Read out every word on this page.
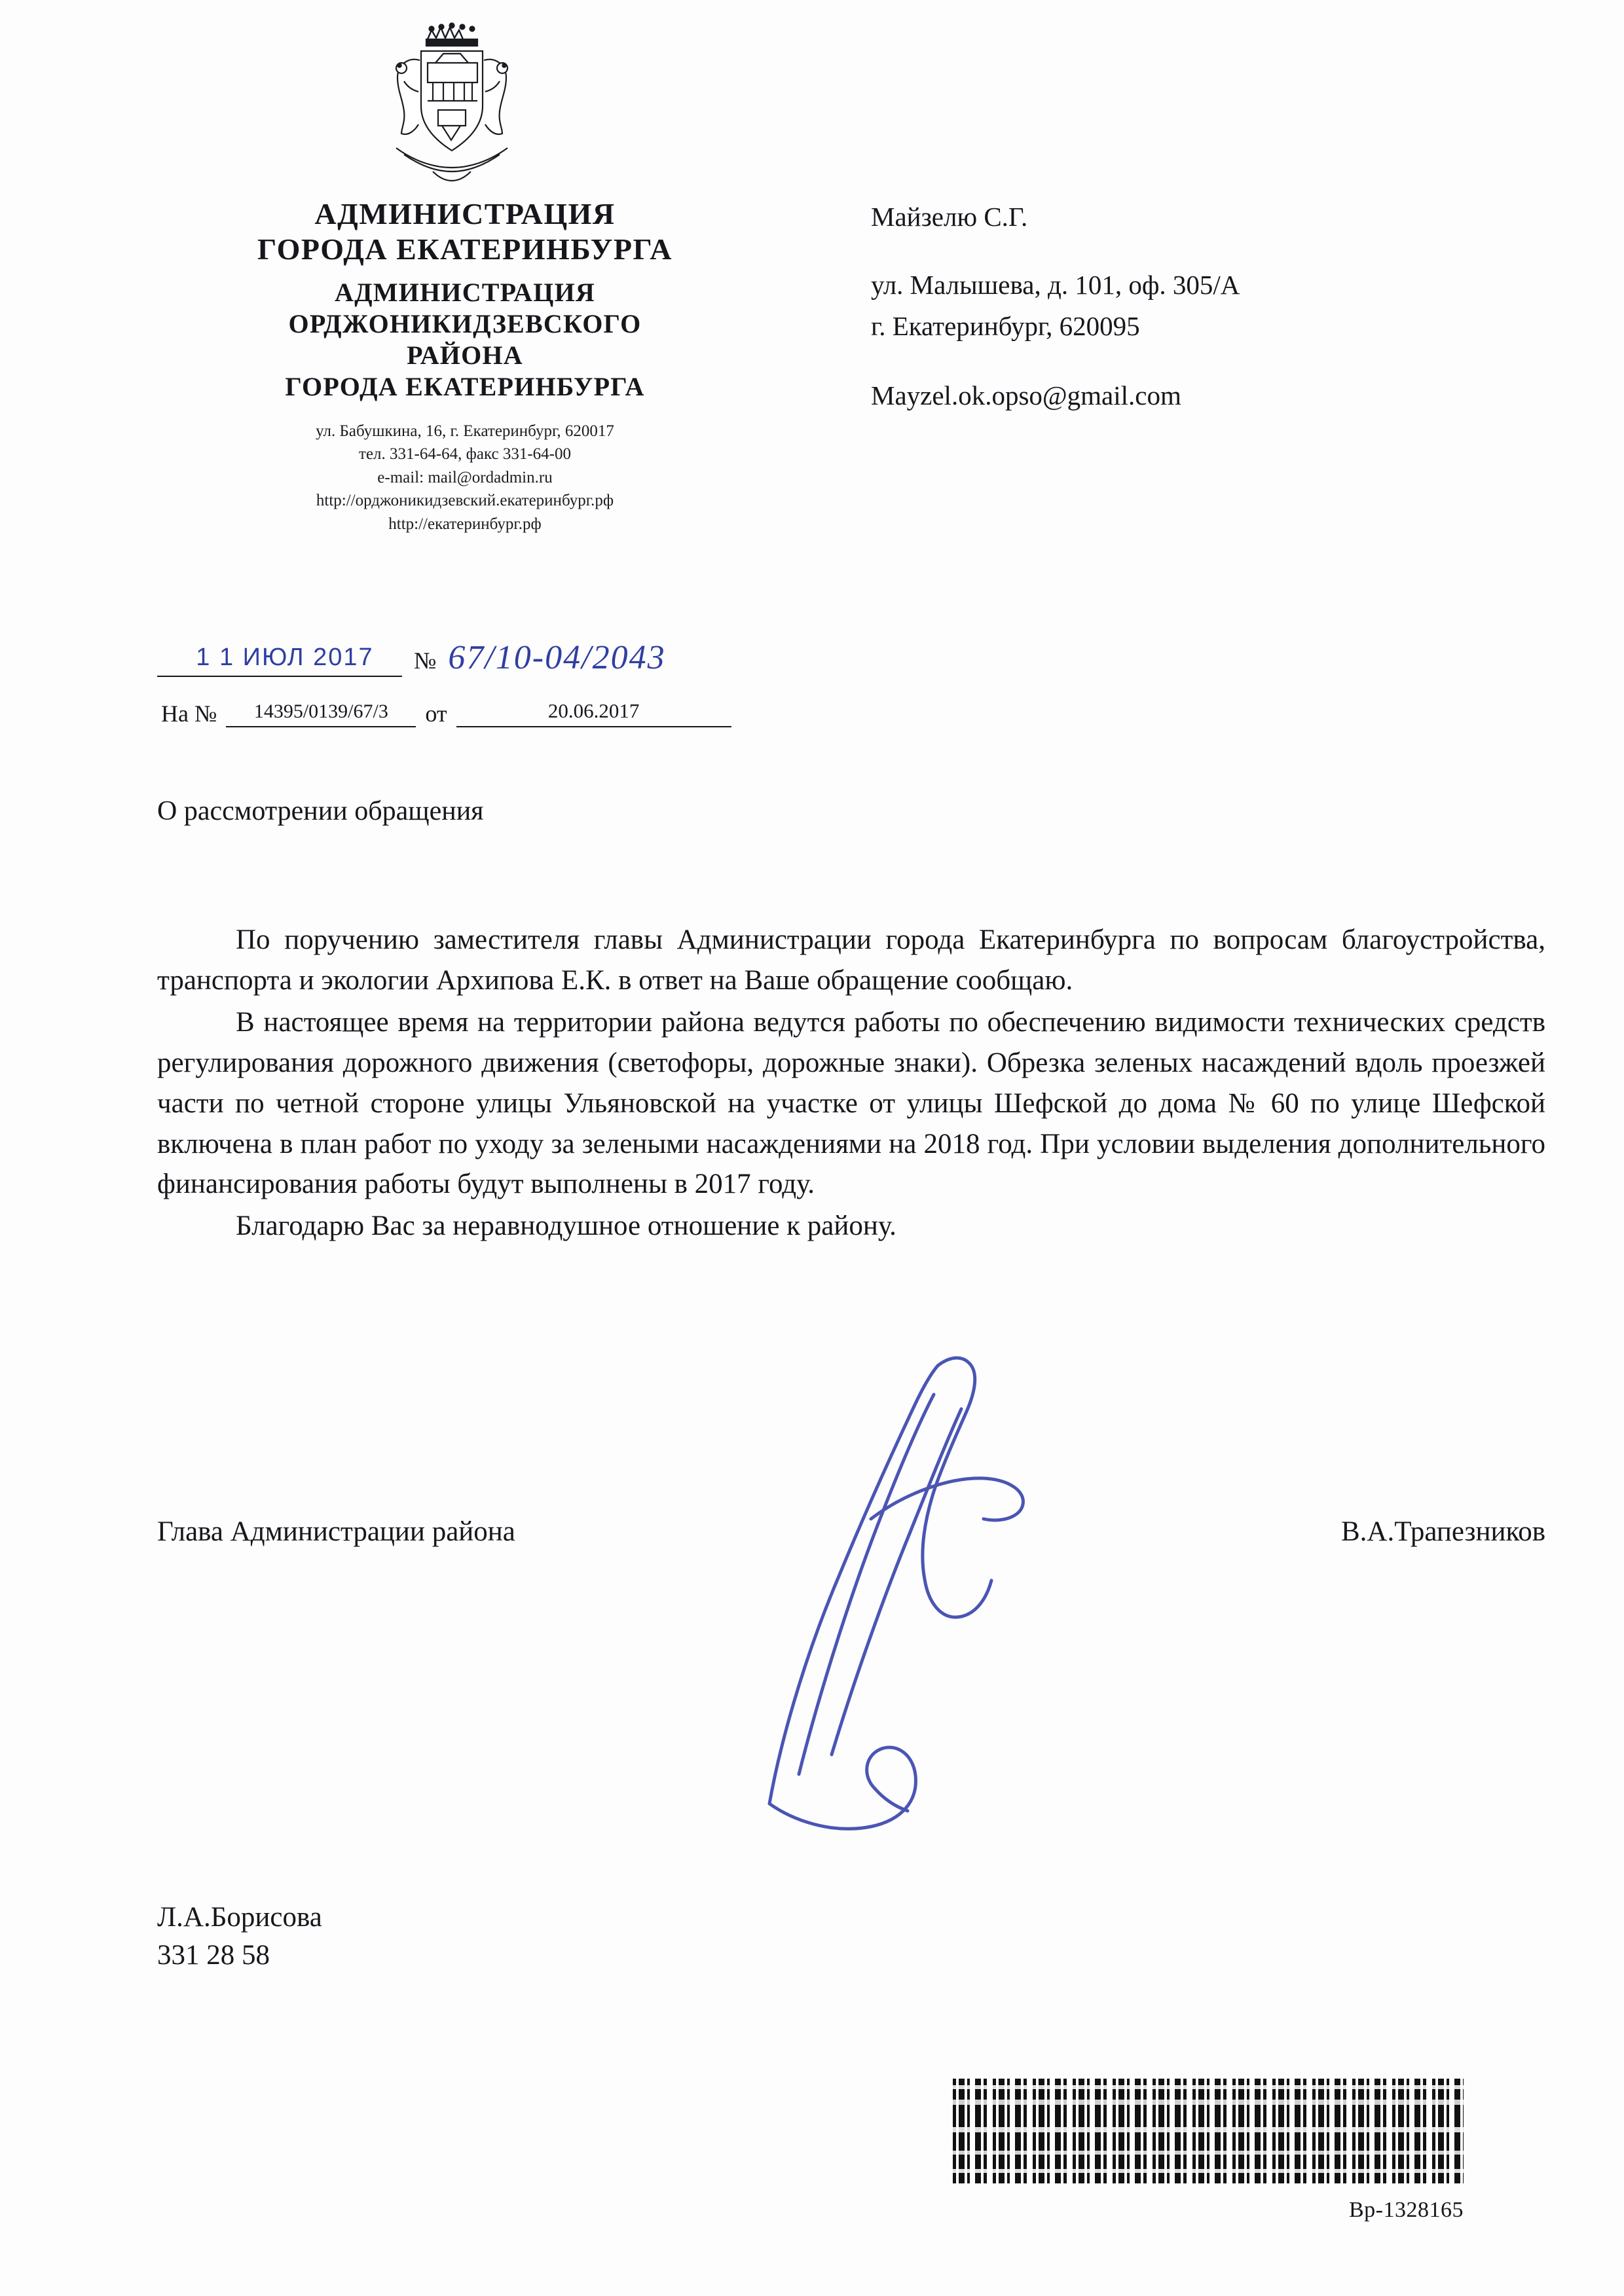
АДМИНИСТРАЦИЯ
ГОРОДА ЕКАТЕРИНБУРГА
АДМИНИСТРАЦИЯ
ОРДЖОНИКИДЗЕВСКОГО
РАЙОНА
ГОРОДА ЕКАТЕРИНБУРГА
ул. Бабушкина, 16, г. Екатеринбург, 620017
тел. 331-64-64, факс 331-64-00
e-mail: mail@ordadmin.ru
http://орджоникидзевский.екатеринбург.рф
http://екатеринбург.рф
Майзелю С.Г.
ул. Малышева, д. 101, оф. 305/А
г. Екатеринбург, 620095
Mayzel.ok.opso@gmail.com
1 1 ИЮЛ 2017	№ 67/10-04/2043
На №	14395/0139/67/3	от	20.06.2017
О рассмотрении обращения

По поручению заместителя главы Администрации города Екатеринбурга по вопросам благоустройства, транспорта и экологии Архипова Е.К. в ответ на Ваше обращение сообщаю.

В настоящее время на территории района ведутся работы по обеспечению видимости технических средств регулирования дорожного движения (светофоры, дорожные знаки). Обрезка зеленых насаждений вдоль проезжей части по четной стороне улицы Ульяновской на участке от улицы Шефской до дома № 60 по улице Шефской включена в план работ по уходу за зелеными насаждениями на 2018 год. При условии выделения дополнительного финансирования работы будут выполнены в 2017 году.

Благодарю Вас за неравнодушное отношение к району.

Глава Администрации района	В.А.Трапезников
Л.А.Борисова
331 28 58
Вр-1328165
